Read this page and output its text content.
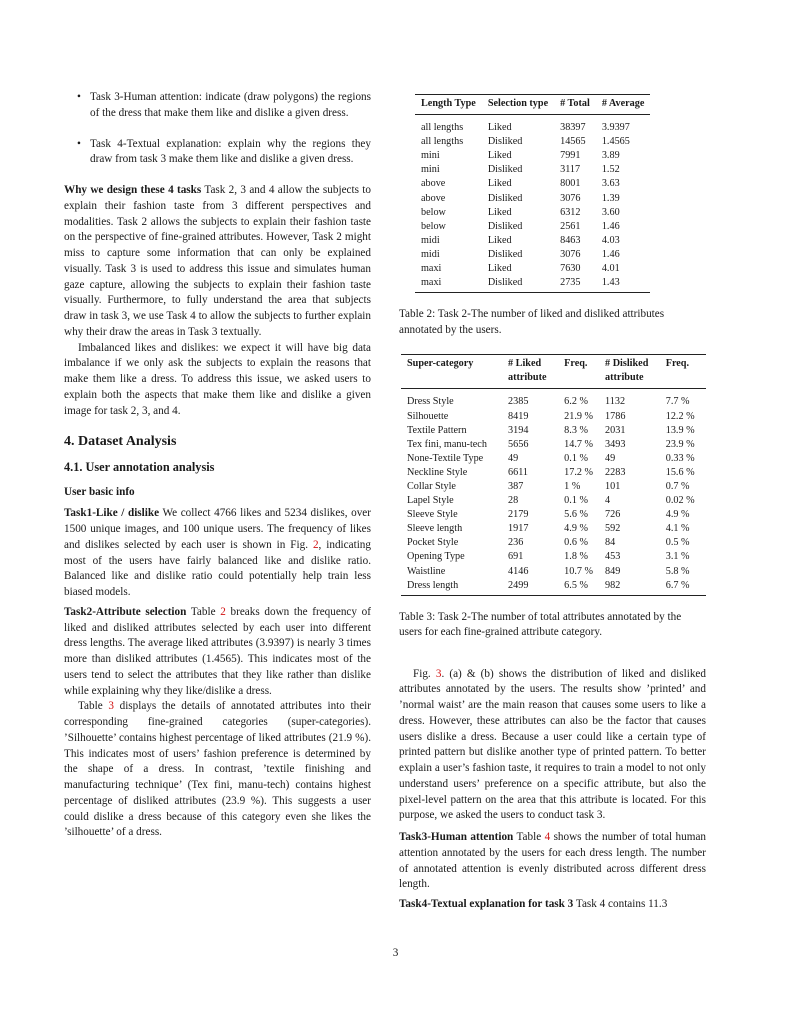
• Task 3-Human attention: indicate (draw polygons) the regions of the dress that make them like and dislike a given dress.
• Task 4-Textual explanation: explain why the regions they draw from task 3 make them like and dislike a given dress.

Why we design these 4 tasks Task 2, 3 and 4 allow the subjects to explain their fashion taste from 3 different perspectives and modalities. Task 2 allows the subjects to explain their fashion taste on the perspective of fine-grained attributes. However, Task 2 might miss to capture some information that can only be explained visually. Task 3 is used to address this issue and simulates human gaze capture, allowing the subjects to explain their fashion taste visually. Furthermore, to fully understand the area that subjects draw in task 3, we use Task 4 to allow the subjects to further explain why their draw the areas in Task 3 textually.

Imbalanced likes and dislikes: we expect it will have big data imbalance if we only ask the subjects to explain the reasons that make them like a dress. To address this issue, we asked users to explain both the aspects that make them like and dislike a given image for task 2, 3, and 4.

4. Dataset Analysis
4.1. User annotation analysis
User basic info

Task1-Like / dislike We collect 4766 likes and 5234 dislikes, over 1500 unique images, and 100 unique users. The frequency of likes and dislikes selected by each user is shown in Fig. 2, indicating most of the users have fairly balanced like and dislike ratio. Balanced like and dislike ratio could potentially help train less biased models.

Task2-Attribute selection Table 2 breaks down the frequency of liked and disliked attributes selected by each user into different dress lengths. The average liked attributes (3.9397) is nearly 3 times more than disliked attributes (1.4565). This indicates most of the users tend to select the attributes that they like rather than dislike while explaining why they like/dislike a dress.

Table 3 displays the details of annotated attributes into their corresponding fine-grained categories (super-categories). ’Silhouette’ contains highest percentage of liked attributes (21.9 %). This indicates most of users’ fashion preference is determined by the shape of a dress. In contrast, ’textile finishing and manufacturing technique’ (Tex fini, manu-tech) contains highest percentage of disliked attributes (23.9 %). This suggests a user could dislike a dress because of this category even she likes the ’silhouette’ of a dress.

Length Type	Selection type	# Total	# Average
all lengths	Liked	38397	3.9397
all lengths	Disliked	14565	1.4565
mini	Liked	7991	3.89
mini	Disliked	3117	1.52
above	Liked	8001	3.63
above	Disliked	3076	1.39
below	Liked	6312	3.60
below	Disliked	2561	1.46
midi	Liked	8463	4.03
midi	Disliked	3076	1.46
maxi	Liked	7630	4.01
maxi	Disliked	2735	1.43

Table 2: Task 2-The number of liked and disliked attributes annotated by the users.

Super-category	# Liked attribute	Freq.	# Disliked attribute	Freq.
Dress Style	2385	6.2 %	1132	7.7 %
Silhouette	8419	21.9 %	1786	12.2 %
Textile Pattern	3194	8.3 %	2031	13.9 %
Tex fini, manu-tech	5656	14.7 %	3493	23.9 %
None-Textile Type	49	0.1 %	49	0.33 %
Neckline Style	6611	17.2 %	2283	15.6 %
Collar Style	387	1 %	101	0.7 %
Lapel Style	28	0.1 %	4	0.02 %
Sleeve Style	2179	5.6 %	726	4.9 %
Sleeve length	1917	4.9 %	592	4.1 %
Pocket Style	236	0.6 %	84	0.5 %
Opening Type	691	1.8 %	453	3.1 %
Waistline	4146	10.7 %	849	5.8 %
Dress length	2499	6.5 %	982	6.7 %

Table 3: Task 2-The number of total attributes annotated by the users for each fine-grained attribute category.

Fig. 3. (a) & (b) shows the distribution of liked and disliked attributes annotated by the users. The results show ’printed’ and ’normal waist’ are the main reason that causes some users to like a dress. However, these attributes can also be the factor that causes users dislike a dress. Because a user could like a certain type of printed pattern but dislike another type of printed pattern. To better explain a user’s fashion taste, it requires to train a model to not only understand users’ preference on a specific attribute, but also the pixel-level pattern on the area that this attribute is located. For this purpose, we asked the users to conduct task 3.

Task3-Human attention Table 4 shows the number of total human attention annotated by the users for each dress length. The number of annotated attention is evenly distributed across different dress length.

Task4-Textual explanation for task 3 Task 4 contains 11.3

3
